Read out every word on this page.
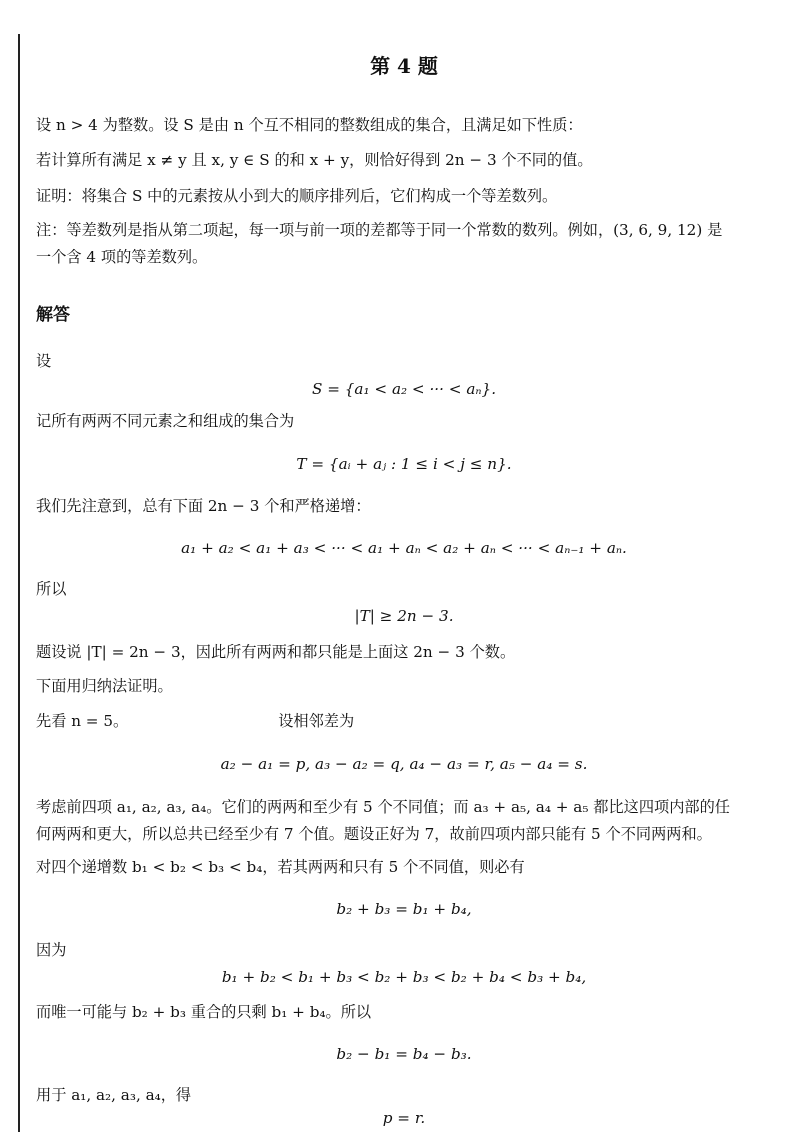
第 4 题
设 n > 4 为整数。设 S 是由 n 个互不相同的整数组成的集合，且满足如下性质：
若计算所有满足 x ≠ y 且 x, y ∈ S 的和 x + y，则恰好得到 2n − 3 个不同的值。
证明：将集合 S 中的元素按从小到大的顺序排列后，它们构成一个等差数列。
注：等差数列是指从第二项起，每一项与前一项的差都等于同一个常数的数列。例如，(3, 6, 9, 12) 是
一个含 4 项的等差数列。
解答
设
S = {a₁ < a₂ < ··· < aₙ}.
记所有两两不同元素之和组成的集合为
T = {aᵢ + aⱼ : 1 ≤ i < j ≤ n}.
我们先注意到，总有下面 2n − 3 个和严格递增：
a₁ + a₂ < a₁ + a₃ < ··· < a₁ + aₙ < a₂ + aₙ < ··· < aₙ₋₁ + aₙ.
所以
|T| ≥ 2n − 3.
题设说 |T| = 2n − 3，因此所有两两和都只能是上面这 2n − 3 个数。
下面用归纳法证明。
先看 n = 5。	设相邻差为
a₂ − a₁ = p, a₃ − a₂ = q, a₄ − a₃ = r, a₅ − a₄ = s.
考虑前四项 a₁, a₂, a₃, a₄。它们的两两和至少有 5 个不同值；而 a₃ + a₅, a₄ + a₅ 都比这四项内部的任
何两两和更大，所以总共已经至少有 7 个值。题设正好为 7，故前四项内部只能有 5 个不同两两和。
对四个递增数 b₁ < b₂ < b₃ < b₄，若其两两和只有 5 个不同值，则必有
b₂ + b₃ = b₁ + b₄,
因为
b₁ + b₂ < b₁ + b₃ < b₂ + b₃ < b₂ + b₄ < b₃ + b₄,
而唯一可能与 b₂ + b₃ 重合的只剩 b₁ + b₄。所以
b₂ − b₁ = b₄ − b₃.
用于 a₁, a₂, a₃, a₄，得
p = r.
